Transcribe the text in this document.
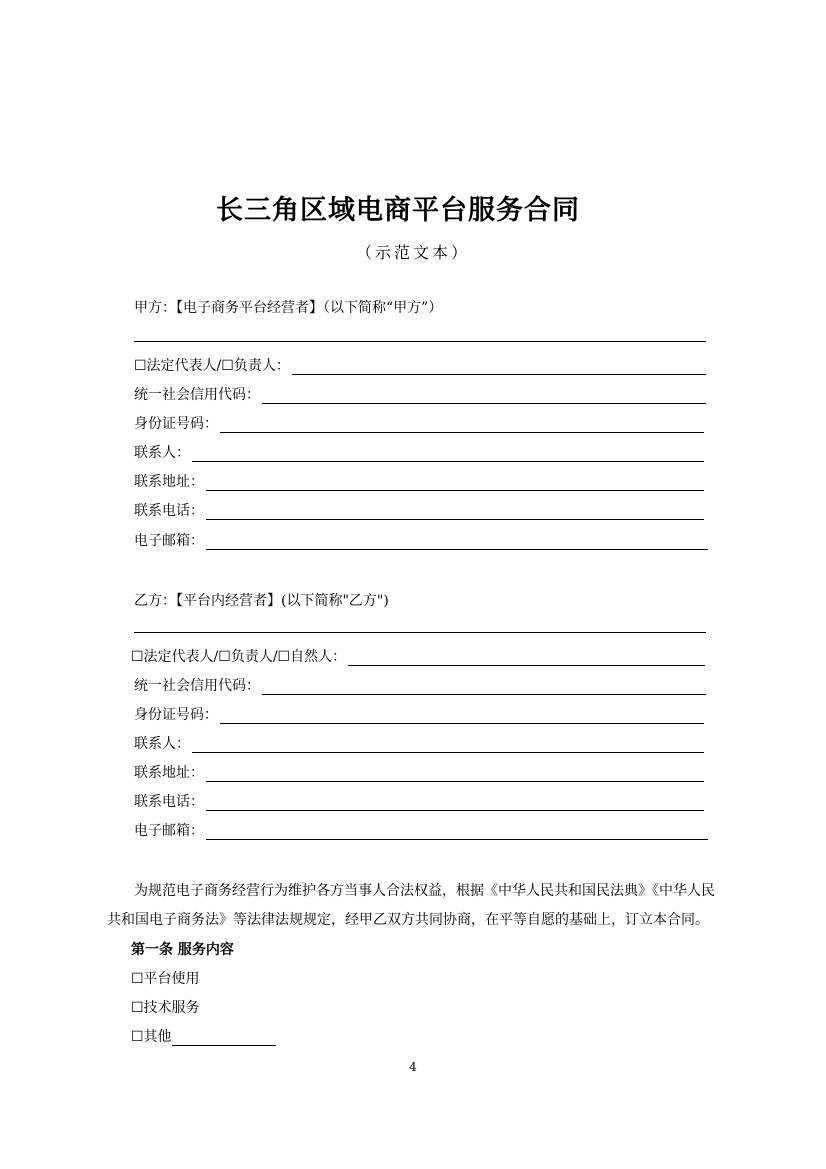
长三角区域电商平台服务合同
（示范文本）
甲方：【电子商务平台经营者】（以下简称“甲方”）
☐法定代表人/☐负责人：
统一社会信用代码：
身份证号码：
联系人：
联系地址：
联系电话：
电子邮箱：
乙方：【平台内经营者】(以下简称"乙方")
☐法定代表人/☐负责人/☐自然人：
统一社会信用代码：
身份证号码：
联系人：
联系地址：
联系电话：
电子邮箱：
为规范电子商务经营行为维护各方当事人合法权益，根据《中华人民共和国民法典》《中华人民
共和国电子商务法》等法律法规规定，经甲乙双方共同协商，在平等自愿的基础上，订立本合同。
第一条 服务内容
☐平台使用
☐技术服务
☐其他
4
